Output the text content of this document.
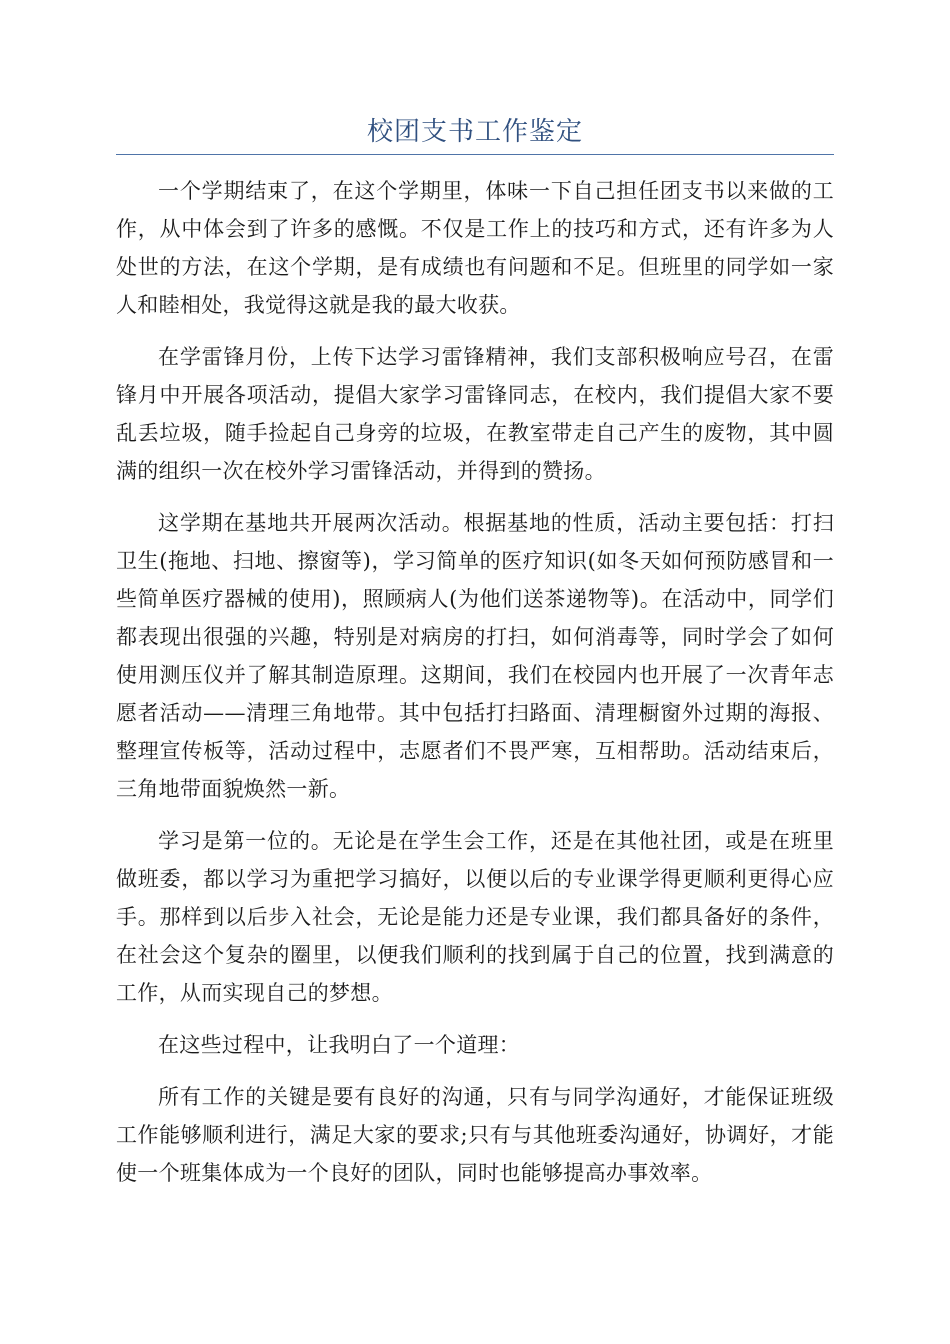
校团支书工作鉴定

一个学期结束了，在这个学期里，体味一下自己担任团支书以来做的工作，从中体会到了许多的感慨。不仅是工作上的技巧和方式，还有许多为人处世的方法，在这个学期，是有成绩也有问题和不足。但班里的同学如一家人和睦相处，我觉得这就是我的最大收获。

在学雷锋月份，上传下达学习雷锋精神，我们支部积极响应号召，在雷锋月中开展各项活动，提倡大家学习雷锋同志，在校内，我们提倡大家不要乱丢垃圾，随手捡起自己身旁的垃圾，在教室带走自己产生的废物，其中圆满的组织一次在校外学习雷锋活动，并得到的赞扬。

这学期在基地共开展两次活动。根据基地的性质，活动主要包括：打扫卫生(拖地、扫地、擦窗等)，学习简单的医疗知识(如冬天如何预防感冒和一些简单医疗器械的使用)，照顾病人(为他们送茶递物等)。在活动中，同学们都表现出很强的兴趣，特别是对病房的打扫，如何消毒等，同时学会了如何使用测压仪并了解其制造原理。这期间，我们在校园内也开展了一次青年志愿者活动——清理三角地带。其中包括打扫路面、清理橱窗外过期的海报、整理宣传板等，活动过程中，志愿者们不畏严寒，互相帮助。活动结束后，三角地带面貌焕然一新。

学习是第一位的。无论是在学生会工作，还是在其他社团，或是在班里做班委，都以学习为重把学习搞好，以便以后的专业课学得更顺利更得心应手。那样到以后步入社会，无论是能力还是专业课，我们都具备好的条件，在社会这个复杂的圈里，以便我们顺利的找到属于自己的位置，找到满意的工作，从而实现自己的梦想。

在这些过程中，让我明白了一个道理：

所有工作的关键是要有良好的沟通，只有与同学沟通好，才能保证班级工作能够顺利进行，满足大家的要求;只有与其他班委沟通好，协调好，才能使一个班集体成为一个良好的团队，同时也能够提高办事效率。
